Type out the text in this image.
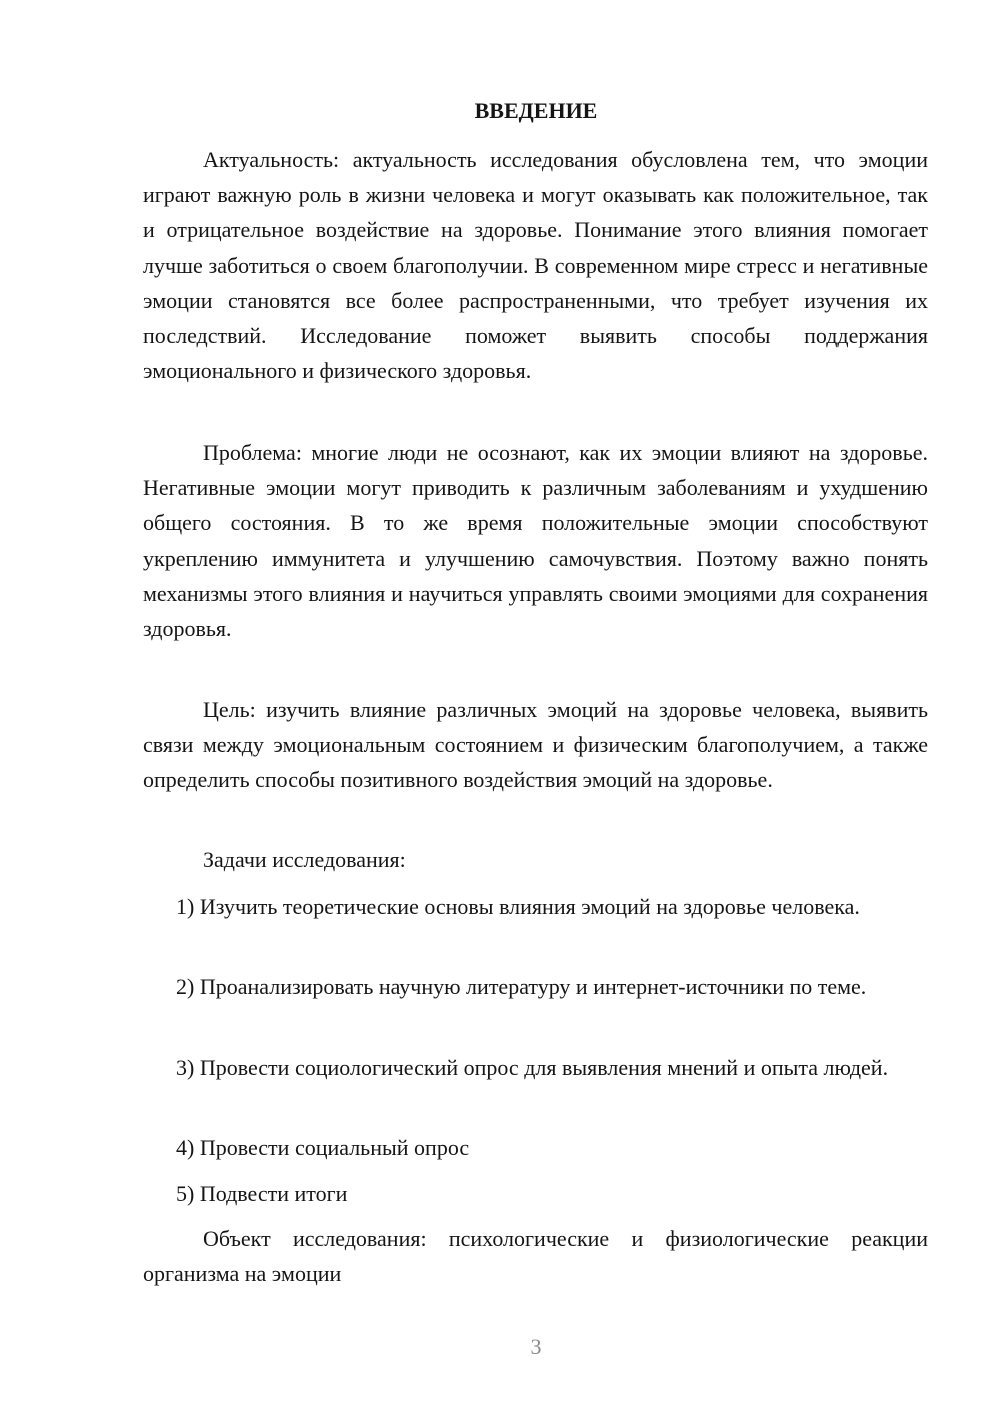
ВВЕДЕНИЕ

Актуальность: актуальность исследования обусловлена тем, что эмоции играют важную роль в жизни человека и могут оказывать как положительное, так и отрицательное воздействие на здоровье. Понимание этого влияния помогает лучше заботиться о своем благополучии. В современном мире стресс и негативные эмоции становятся все более распространенными, что требует изучения их последствий. Исследование поможет выявить способы поддержания эмоционального и физического здоровья.

Проблема: многие люди не осознают, как их эмоции влияют на здоровье. Негативные эмоции могут приводить к различным заболеваниям и ухудшению общего состояния. В то же время положительные эмоции способствуют укреплению иммунитета и улучшению самочувствия. Поэтому важно понять механизмы этого влияния и научиться управлять своими эмоциями для сохранения здоровья.

Цель: изучить влияние различных эмоций на здоровье человека, выявить связи между эмоциональным состоянием и физическим благополучием, а также определить способы позитивного воздействия эмоций на здоровье.

Задачи исследования:

1) Изучить теоретические основы влияния эмоций на здоровье человека.

2) Проанализировать научную литературу и интернет-источники по теме.

3) Провести социологический опрос для выявления мнений и опыта людей.

4) Провести социальный опрос

5) Подвести итоги

Объект исследования: психологические и физиологические реакции организма на эмоции

3
